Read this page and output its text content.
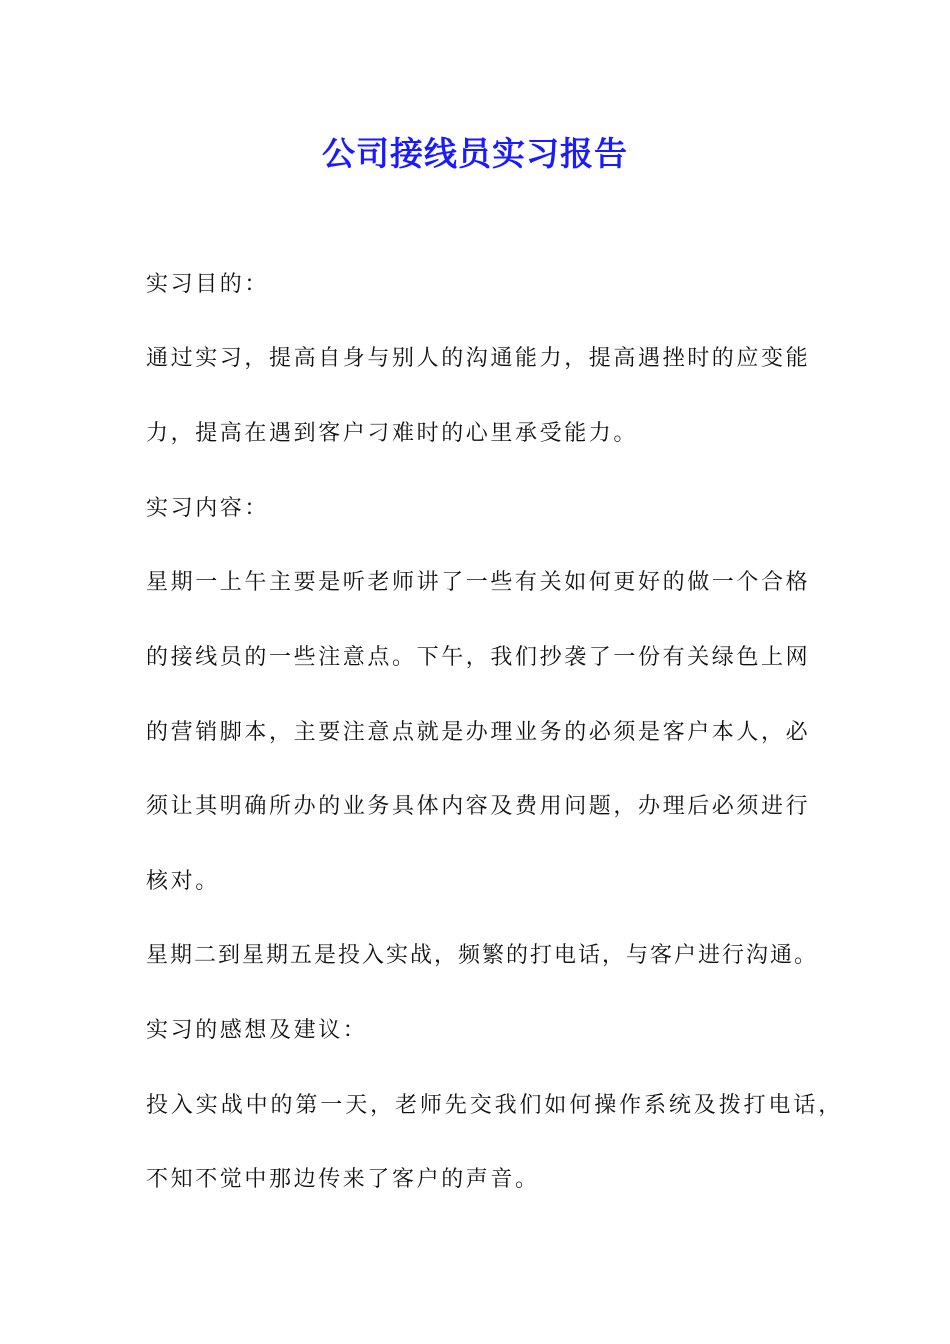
公司接线员实习报告
实习目的：
通过实习，提高自身与别人的沟通能力，提高遇挫时的应变能
力，提高在遇到客户刁难时的心里承受能力。
实习内容：
星期一上午主要是听老师讲了一些有关如何更好的做一个合格
的接线员的一些注意点。下午，我们抄袭了一份有关绿色上网
的营销脚本，主要注意点就是办理业务的必须是客户本人，必
须让其明确所办的业务具体内容及费用问题，办理后必须进行
核对。
星期二到星期五是投入实战，频繁的打电话，与客户进行沟通。
实习的感想及建议：
投入实战中的第一天，老师先交我们如何操作系统及拨打电话，
不知不觉中那边传来了客户的声音。
